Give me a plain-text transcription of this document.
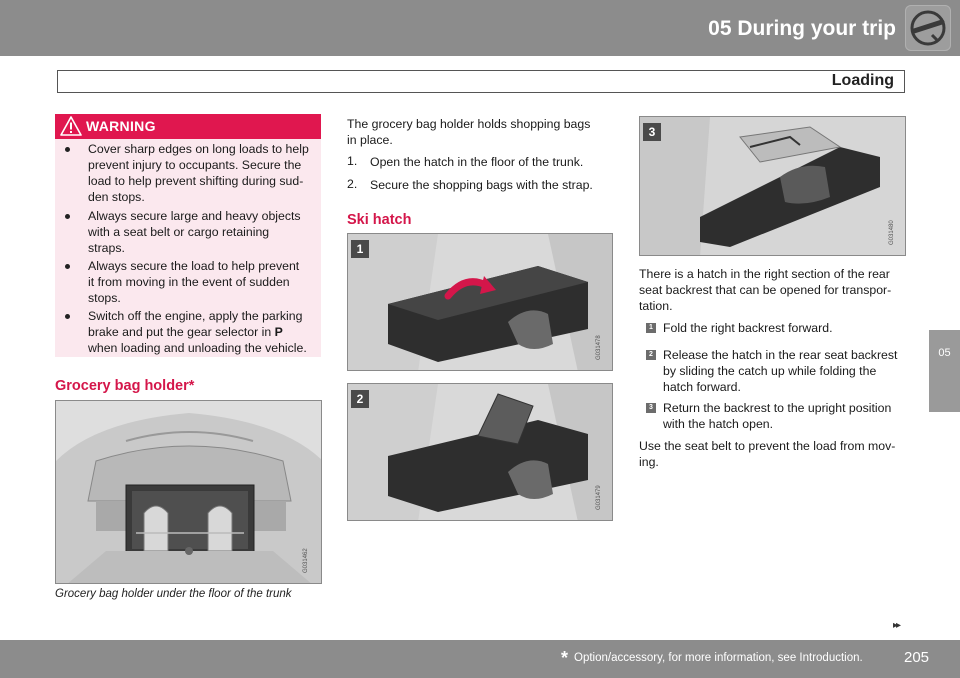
05 During your trip
Loading
05
WARNING
Cover sharp edges on long loads to help
prevent injury to occupants. Secure the
load to help prevent shifting during sud-
den stops.
Always secure large and heavy objects
with a seat belt or cargo retaining
straps.
Always secure the load to help prevent
it from moving in the event of sudden
stops.
Switch off the engine, apply the parking
brake and put the gear selector in P
when loading and unloading the vehicle.
Grocery bag holder*
G031462
Grocery bag holder under the floor of the trunk
The grocery bag holder holds shopping bags
in place.
1. Open the hatch in the floor of the trunk.
2. Secure the shopping bags with the strap.
Ski hatch
1
G031478
2
G031479
3
G031480
There is a hatch in the right section of the rear
seat backrest that can be opened for transpor-
tation.
1 Fold the right backrest forward.
2 Release the hatch in the rear seat backrest
by sliding the catch up while folding the
hatch forward.
3 Return the backrest to the upright position
with the hatch open.
Use the seat belt to prevent the load from mov-
ing.
▸▸
* Option/accessory, for more information, see Introduction.	205
